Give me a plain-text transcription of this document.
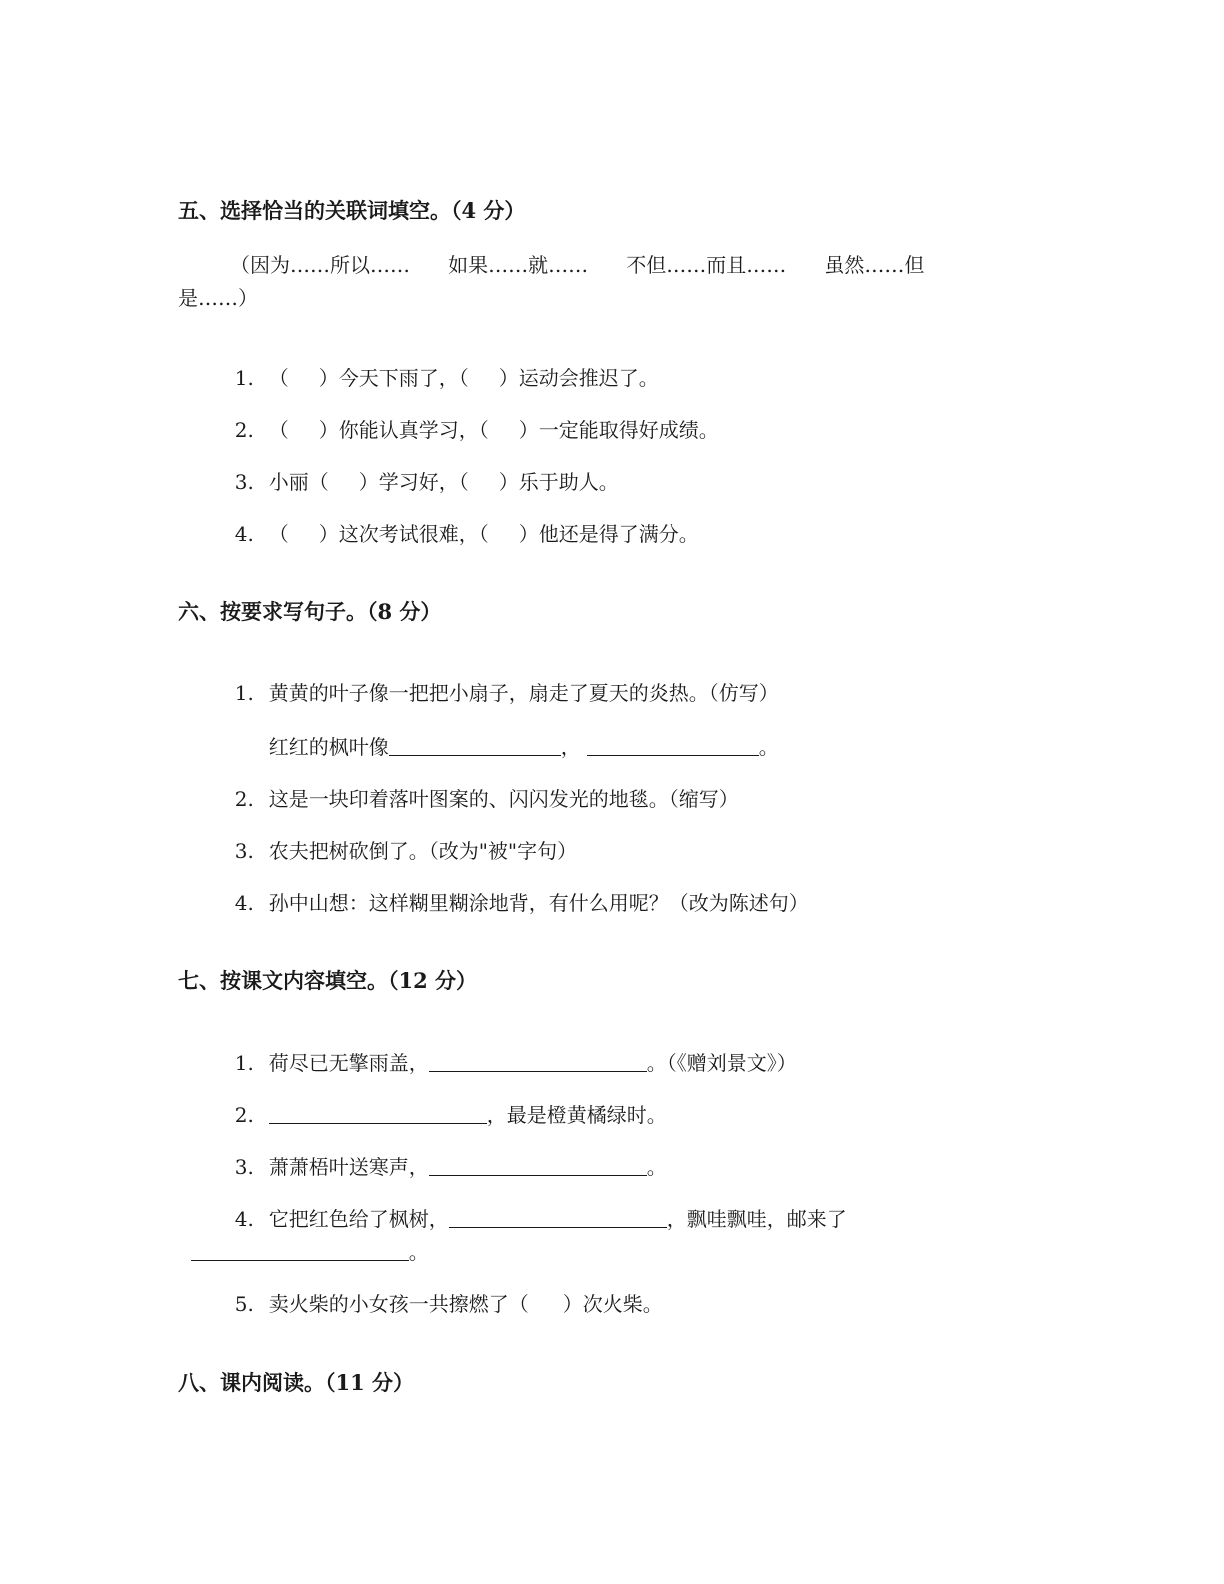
五、选择恰当的关联词填空。（4 分）
（因为……所以……      如果……就……      不但……而且……      虽然……但
是……）

1. （ ）今天下雨了，（ ）运动会推迟了。

2. （ ）你能认真学习，（ ）一定能取得好成绩。

3. 小丽（ ）学习好，（ ）乐于助人。

4. （ ）这次考试很难，（ ）他还是得了满分。

六、按要求写句子。（8 分）

1. 黄黄的叶子像一把把小扇子，扇走了夏天的炎热。（仿写）

红红的枫叶像	，	。

2. 这是一块印着落叶图案的、闪闪发光的地毯。（缩写）

3. 农夫把树砍倒了。（改为"被"字句）

4. 孙中山想：这样糊里糊涂地背，有什么用呢？（改为陈述句）

七、按课文内容填空。（12 分）

1. 荷尽已无擎雨盖，	。（《赠刘景文》）

2.	，最是橙黄橘绿时。

3. 萧萧梧叶送寒声，	。

4. 它把红色给了枫树，	，飘哇飘哇，邮来了

。

5. 卖火柴的小女孩一共擦燃了（ ）次火柴。

八、课内阅读。（11 分）
